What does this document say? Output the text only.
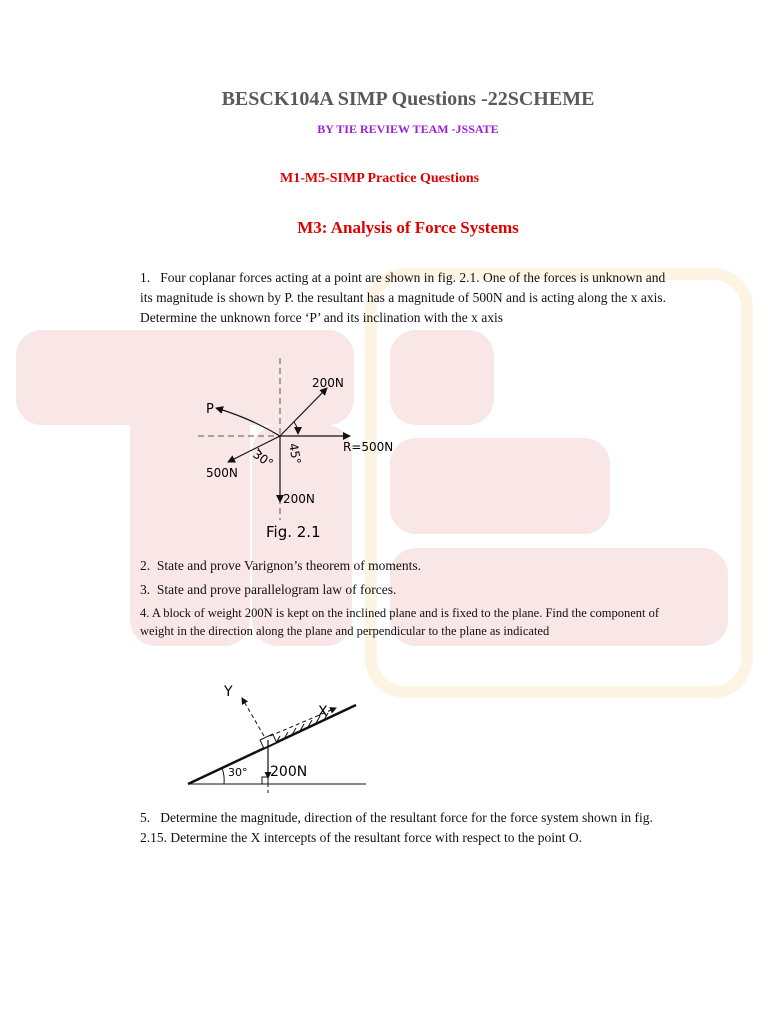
BESCK104A SIMP Questions -22SCHEME
BY TIE REVIEW TEAM -JSSATE
M1-M5-SIMP Practice Questions
M3: Analysis of Force Systems
1. Four coplanar forces acting at a point are shown in fig. 2.1. One of the forces is unknown and its magnitude is shown by P. the resultant has a magnitude of 500N and is acting along the x axis. Determine the unknown force ‘P’ and its inclination with the x axis
200N
P
R=500N
500N
200N
30° 45°
Fig. 2.1
2. State and prove Varignon’s theorem of moments.
3. State and prove parallelogram law of forces.
4. A block of weight 200N is kept on the inclined plane and is fixed to the plane. Find the component of weight in the direction along the plane and perpendicular to the plane as indicated
Y
X
30° 200N
5. Determine the magnitude, direction of the resultant force for the force system shown in fig. 2.15. Determine the X intercepts of the resultant force with respect to the point O.
